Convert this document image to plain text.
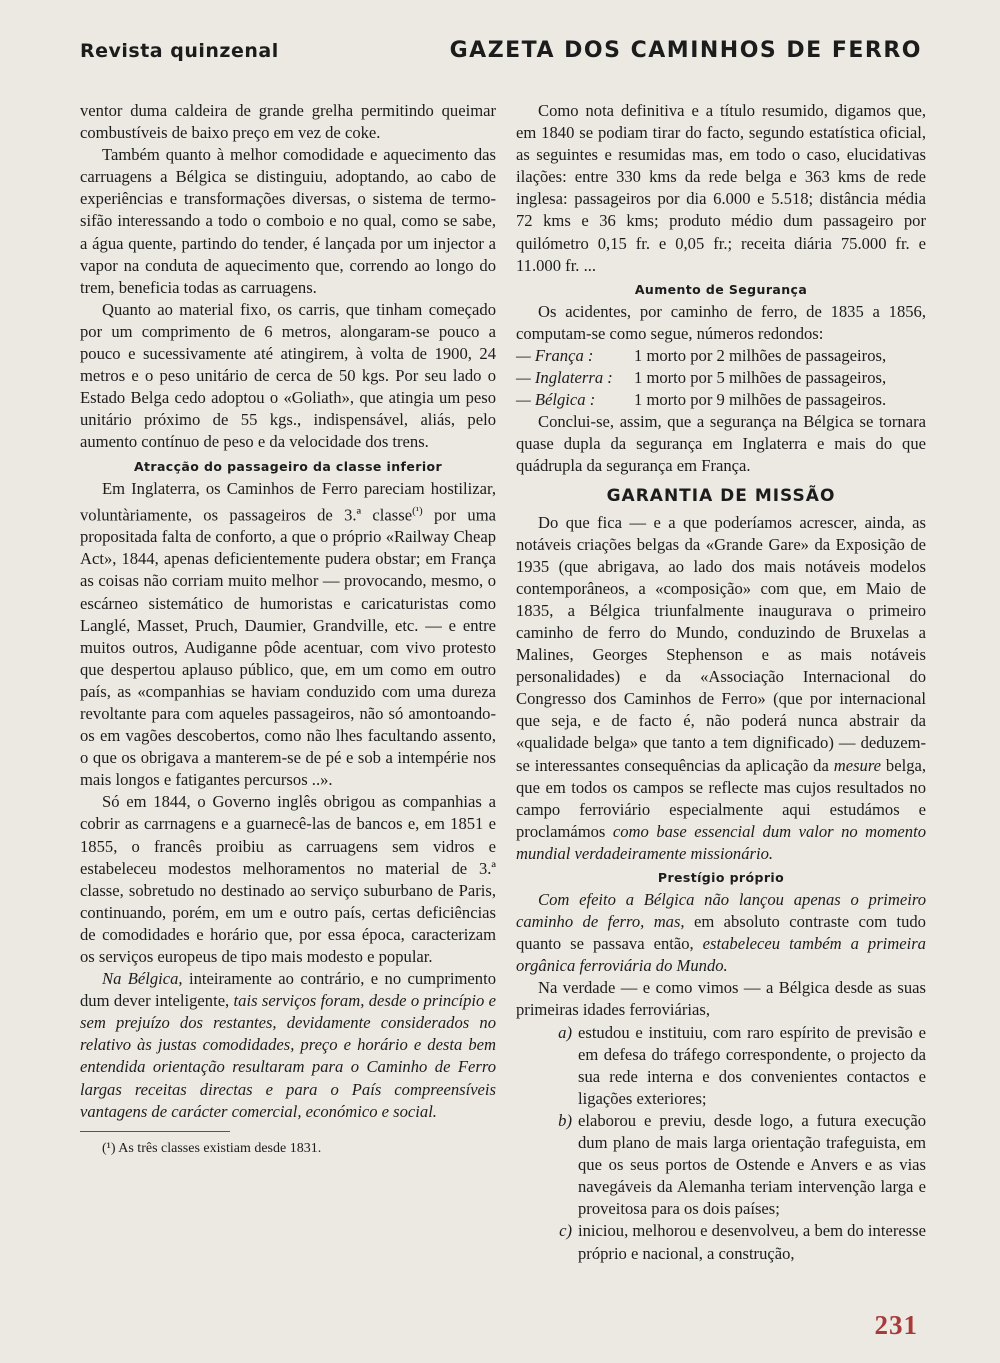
Revista quinzenal	GAZETA DOS CAMINHOS DE FERRO

ventor duma caldeira de grande grelha permitindo queimar combustíveis de baixo preço em vez de coke.

Também quanto à melhor comodidade e aquecimento das carruagens a Bélgica se distinguiu, adoptando, ao cabo de experiências e transformações diversas, o sistema de termo-sifão interessando a todo o comboio e no qual, como se sabe, a água quente, partindo do tender, é lançada por um injector a vapor na conduta de aquecimento que, correndo ao longo do trem, beneficia todas as carruagens.

Quanto ao material fixo, os carris, que tinham começado por um comprimento de 6 metros, alongaram-se pouco a pouco e sucessivamente até atingirem, à volta de 1900, 24 metros e o peso unitário de cerca de 50 kgs. Por seu lado o Estado Belga cedo adoptou o «Goliath», que atingia um peso unitário próximo de 55 kgs., indispensável, aliás, pelo aumento contínuo de peso e da velocidade dos trens.

Atracção do passageiro da classe inferior

Em Inglaterra, os Caminhos de Ferro pareciam hostilizar, voluntàriamente, os passageiros de 3.ª classe$^{(^1)}$ por uma propositada falta de conforto, a que o próprio «Railway Cheap Act», 1844, apenas deficientemente pudera obstar; em França as coisas não corriam muito melhor — provocando, mesmo, o escárneo sistemático de humoristas e caricaturistas como Langlé, Masset, Pruch, Daumier, Grandville, etc. — e entre muitos outros, Audiganne pôde acentuar, com vivo protesto que despertou aplauso público, que, em um como em outro país, as «companhias se haviam conduzido com uma dureza revoltante para com aqueles passageiros, não só amontoando-os em vagões descobertos, como não lhes facultando assento, o que os obrigava a manterem-se de pé e sob a intempérie nos mais longos e fatigantes percursos ..».

Só em 1844, o Governo inglês obrigou as companhias a cobrir as carrnagens e a guarnecê-las de bancos e, em 1851 e 1855, o francês proibiu as carruagens sem vidros e estabeleceu modestos melhoramentos no material de 3.ª classe, sobretudo no destinado ao serviço suburbano de Paris, continuando, porém, em um e outro país, certas deficiências de comodidades e horário que, por essa época, caracterizam os serviços europeus de tipo mais modesto e popular.

Na Bélgica, inteiramente ao contrário, e no cumprimento dum dever inteligente, tais serviços foram, desde o princípio e sem prejuízo dos restantes, devidamente considerados no relativo às justas comodidades, preço e horário e desta bem entendida orientação resultaram para o Caminho de Ferro largas receitas directas e para o País compreensíveis vantagens de carácter comercial, económico e social.

(¹) As três classes existiam desde 1831.

Como nota definitiva e a título resumido, digamos que, em 1840 se podiam tirar do facto, segundo estatística oficial, as seguintes e resumidas mas, em todo o caso, elucidativas ilações: entre 330 kms da rede belga e 363 kms de rede inglesa: passageiros por dia 6.000 e 5.518; distância média 72 kms e 36 kms; produto médio dum passageiro por quilómetro 0,15 fr. e 0,05 fr.; receita diária 75.000 fr. e 11.000 fr. ...

Aumento de Segurança

Os acidentes, por caminho de ferro, de 1835 a 1856, computam-se como segue, números redondos:

— França :	1 morto por 2 milhões de passageiros,
— Inglaterra :	1 morto por 5 milhões de passageiros,
— Bélgica :	1 morto por 9 milhões de passageiros.

Conclui-se, assim, que a segurança na Bélgica se tornara quase dupla da segurança em Inglaterra e mais do que quádrupla da segurança em França.

GARANTIA DE MISSÃO

Do que fica — e a que poderíamos acrescer, ainda, as notáveis criações belgas da «Grande Gare» da Exposição de 1935 (que abrigava, ao lado dos mais notáveis modelos contemporâneos, a «composição» com que, em Maio de 1835, a Bélgica triunfalmente inaugurava o primeiro caminho de ferro do Mundo, conduzindo de Bruxelas a Malines, Georges Stephenson e as mais notáveis personalidades) e da «Associação Internacional do Congresso dos Caminhos de Ferro» (que por internacional que seja, e de facto é, não poderá nunca abstrair da «qualidade belga» que tanto a tem dignificado) — deduzem-se interessantes consequências da aplicação da mesure belga, que em todos os campos se reflecte mas cujos resultados no campo ferroviário especialmente aqui estudámos e proclamámos como base essencial dum valor no momento mundial verdadeiramente missionário.

Prestígio próprio

Com efeito a Bélgica não lançou apenas o primeiro caminho de ferro, mas, em absoluto contraste com tudo quanto se passava então, estabeleceu também a primeira orgânica ferroviária do Mundo.

Na verdade — e como vimos — a Bélgica desde as suas primeiras idades ferroviárias,

a) estudou e instituiu, com raro espírito de previsão e em defesa do tráfego correspondente, o projecto da sua rede interna e dos convenientes contactos e ligações exteriores;
b) elaborou e previu, desde logo, a futura execução dum plano de mais larga orientação trafeguista, em que os seus portos de Ostende e Anvers e as vias navegáveis da Alemanha teriam intervenção larga e proveitosa para os dois países;
c) iniciou, melhorou e desenvolveu, a bem do interesse próprio e nacional, a construção,
231
